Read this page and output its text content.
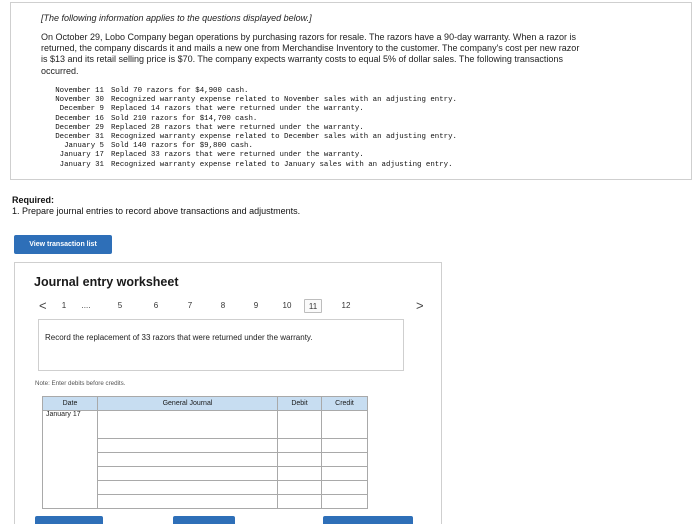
[The following information applies to the questions displayed below.]
On October 29, Lobo Company began operations by purchasing razors for resale. The razors have a 90-day warranty. When a razor is returned, the company discards it and mails a new one from Merchandise Inventory to the customer. The company's cost per new razor is $13 and its retail selling price is $70. The company expects warranty costs to equal 5% of dollar sales. The following transactions occurred.
November 11 Sold 70 razors for $4,900 cash.
November 30 Recognized warranty expense related to November sales with an adjusting entry.
December 9 Replaced 14 razors that were returned under the warranty.
December 16 Sold 210 razors for $14,700 cash.
December 29 Replaced 28 razors that were returned under the warranty.
December 31 Recognized warranty expense related to December sales with an adjusting entry.
January 5 Sold 140 razors for $9,800 cash.
January 17 Replaced 33 razors that were returned under the warranty.
January 31 Recognized warranty expense related to January sales with an adjusting entry.
Required:
1. Prepare journal entries to record above transactions and adjustments.
View transaction list
Journal entry worksheet
<	1	....	5	6	7	8	9	10	11	12	>
Record the replacement of 33 razors that were returned under the warranty.
Note: Enter debits before credits.
Date	General Journal	Debit	Credit
January 17			
